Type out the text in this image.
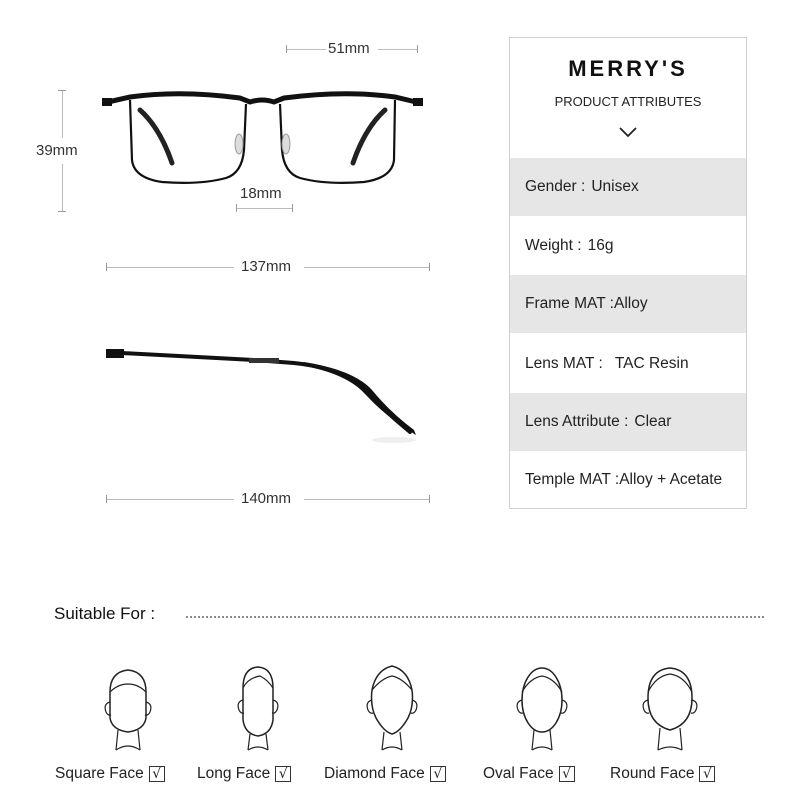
51mm
39mm
18mm
137mm
140mm
MERRY'S
PRODUCT ATTRIBUTES
Gender : Unisex
Weight : 16g
Frame MAT : Alloy
Lens MAT : TAC Resin
Lens Attribute : Clear
Temple MAT : Alloy + Acetate
Suitable For :
Square Face √ Long Face √ Diamond Face √	Oval Face √	Round Face √
